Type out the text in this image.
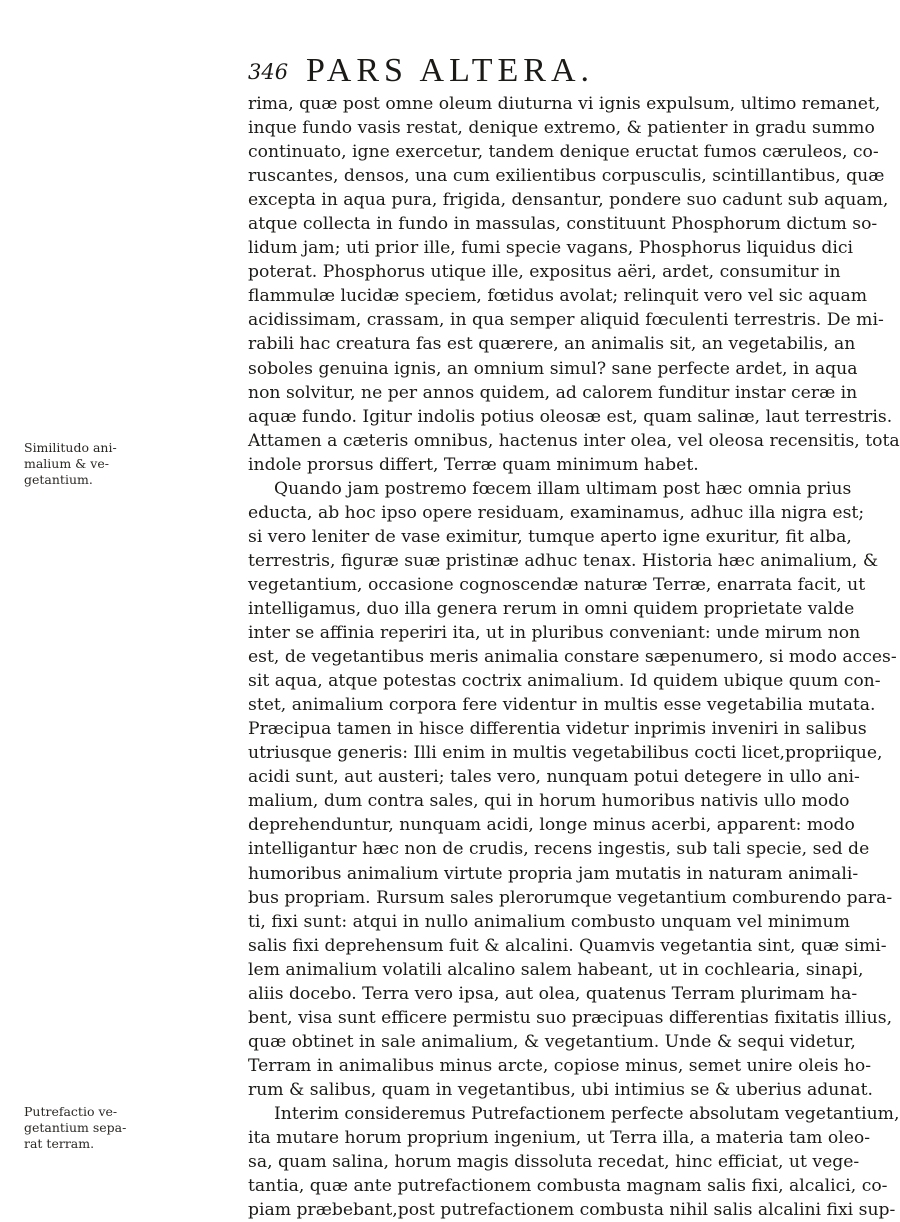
346 PARS ALTERA.
Similitudo ani-
malium & ve-
getantium.
Putrefactio ve-
getantium sepa-
rat terram.
rima, quæ post omne oleum diuturna vi ignis expulsum, ultimo remanet,
inque fundo vasis restat, denique extremo, & patienter in gradu summo
continuato, igne exercetur, tandem denique eructat fumos cæruleos, co-
ruscantes, densos, una cum exilientibus corpusculis, scintillantibus, quæ
excepta in aqua pura, frigida, densantur, pondere suo cadunt sub aquam,
atque collecta in fundo in massulas, constituunt Phosphorum dictum so-
lidum jam; uti prior ille, fumi specie vagans, Phosphorus liquidus dici
poterat. Phosphorus utique ille, expositus aëri, ardet, consumitur in
flammulæ lucidæ speciem, fœtidus avolat; relinquit vero vel sic aquam
acidissimam, crassam, in qua semper aliquid fœculenti terrestris. De mi-
rabili hac creatura fas est quærere, an animalis sit, an vegetabilis, an
soboles genuina ignis, an omnium simul? sane perfecte ardet, in aqua
non solvitur, ne per annos quidem, ad calorem funditur instar ceræ in
aquæ fundo. Igitur indolis potius oleosæ est, quam salinæ, laut terrestris.
Attamen a cæteris omnibus, hactenus inter olea, vel oleosa recensitis, tota
indole prorsus differt, Terræ quam minimum habet.
Quando jam postremo fœcem illam ultimam post hæc omnia prius
educta, ab hoc ipso opere residuam, examinamus, adhuc illa nigra est;
si vero leniter de vase eximitur, tumque aperto igne exuritur, fit alba,
terrestris, figuræ suæ pristinæ adhuc tenax. Historia hæc animalium, &
vegetantium, occasione cognoscendæ naturæ Terræ, enarrata facit, ut
intelligamus, duo illa genera rerum in omni quidem proprietate valde
inter se affinia reperiri ita, ut in pluribus conveniant: unde mirum non
est, de vegetantibus meris animalia constare sæpenumero, si modo acces-
sit aqua, atque potestas coctrix animalium. Id quidem ubique quum con-
stet, animalium corpora fere videntur in multis esse vegetabilia mutata.
Præcipua tamen in hisce differentia videtur inprimis inveniri in salibus
utriusque generis: Illi enim in multis vegetabilibus cocti licet,propriique,
acidi sunt, aut austeri; tales vero, nunquam potui detegere in ullo ani-
malium, dum contra sales, qui in horum humoribus nativis ullo modo
deprehenduntur, nunquam acidi, longe minus acerbi, apparent: modo
intelligantur hæc non de crudis, recens ingestis, sub tali specie, sed de
humoribus animalium virtute propria jam mutatis in naturam animali-
bus propriam. Rursum sales plerorumque vegetantium comburendo para-
ti, fixi sunt: atqui in nullo animalium combusto unquam vel minimum
salis fixi deprehensum fuit & alcalini. Quamvis vegetantia sint, quæ simi-
lem animalium volatili alcalino salem habeant, ut in cochlearia, sinapi,
aliis docebo. Terra vero ipsa, aut olea, quatenus Terram plurimam ha-
bent, visa sunt efficere permistu suo præcipuas differentias fixitatis illius,
quæ obtinet in sale animalium, & vegetantium. Unde & sequi videtur,
Terram in animalibus minus arcte, copiose minus, semet unire oleis ho-
rum & salibus, quam in vegetantibus, ubi intimius se & uberius adunat.
Interim consideremus Putrefactionem perfecte absolutam vegetantium,
ita mutare horum proprium ingenium, ut Terra illa, a materia tam oleo-
sa, quam salina, horum magis dissoluta recedat, hinc efficiat, ut vege-
tantia, quæ ante putrefactionem combusta magnam salis fixi, alcalici, co-
piam præbebant,post putrefactionem combusta nihil salis alcalini fixi sup-
